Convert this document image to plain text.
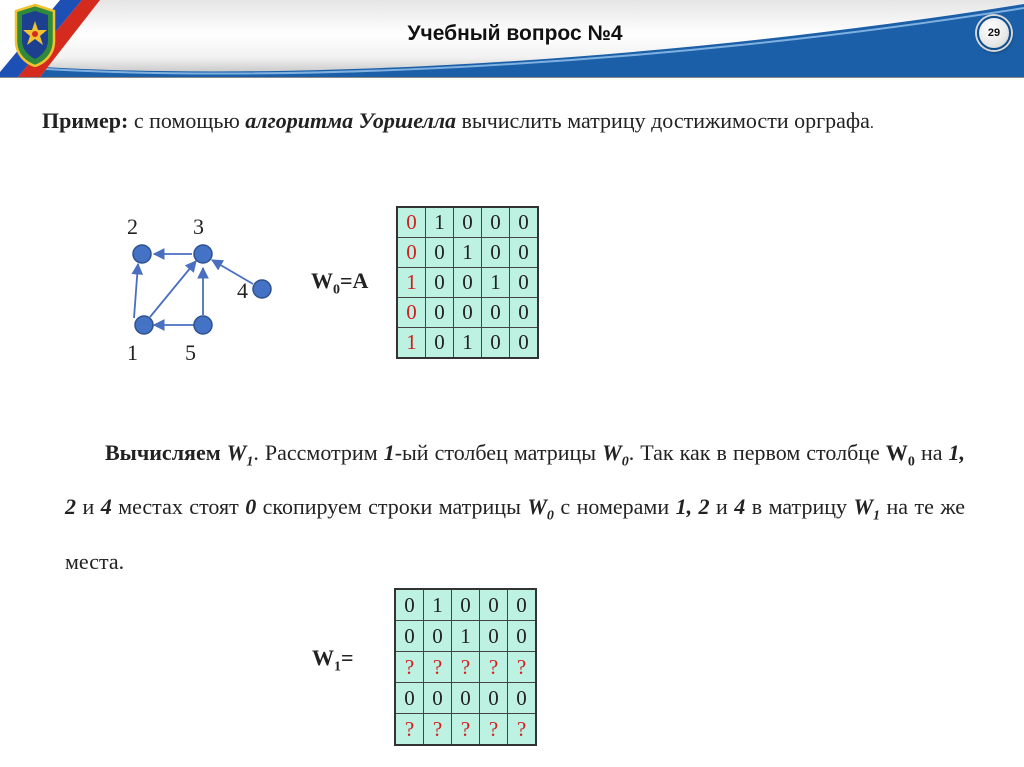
Учебный вопрос №4	29
Пример: с помощью алгоритма Уоршелла вычислить матрицу достижимости орграфа.
2	3
4
1 5
$W_0=A$
0	1	0	0	0
0	0	1	0	0
1	0	0	1	0
0	0	0	0	0
1	0	1	0	0
Вычисляем $W_1$. Рассмотрим 1-ый столбец матрицы $W_0$. Так как в первом столбце $W_0$ на 1, 2 и 4 местах стоят 0 скопируем строки матрицы $W_0$ с номерами 1, 2 и 4 в матрицу $W_1$ на те же места.
$W_1=$
0	1	0	0	0
0	0	1	0	0
?	?	?	?	?
0	0	0	0	0
?	?	?	?	?
